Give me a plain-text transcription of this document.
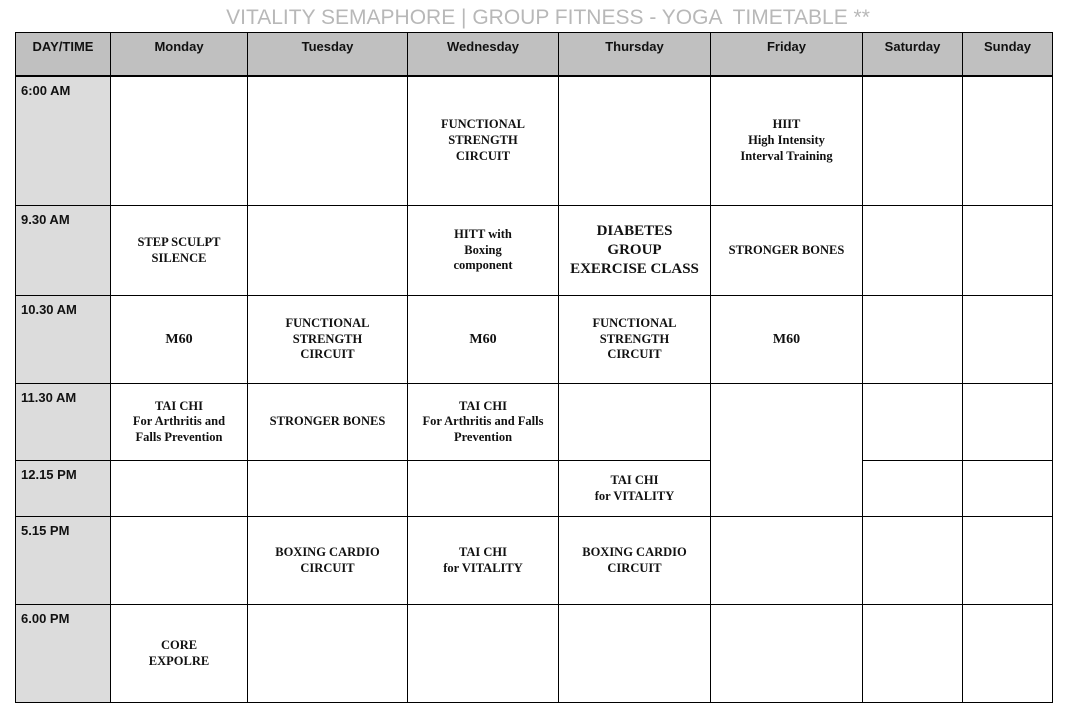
VITALITY SEMAPHORE | GROUP FITNESS - YOGA  TIMETABLE **
DAY/TIME	Monday	Tuesday	Wednesday	Thursday	Friday	Saturday	Sunday
6:00 AM			FUNCTIONAL
STRENGTH
CIRCUIT		HIIT
High Intensity
Interval Training		
9.30 AM	STEP SCULPT
SILENCE		HITT with
Boxing
component	DIABETES
GROUP
EXERCISE CLASS	STRONGER BONES		
10.30 AM	M60	FUNCTIONAL
STRENGTH
CIRCUIT	M60	FUNCTIONAL
STRENGTH
CIRCUIT	M60		
11.30 AM	TAI CHI
For Arthritis and
Falls Prevention	STRONGER BONES	TAI CHI
For Arthritis and Falls
Prevention				
12.15 PM				TAI CHI
for VITALITY			
5.15 PM		BOXING CARDIO
CIRCUIT	TAI CHI
for VITALITY	BOXING CARDIO
CIRCUIT			
6.00 PM	CORE
EXPOLRE						
